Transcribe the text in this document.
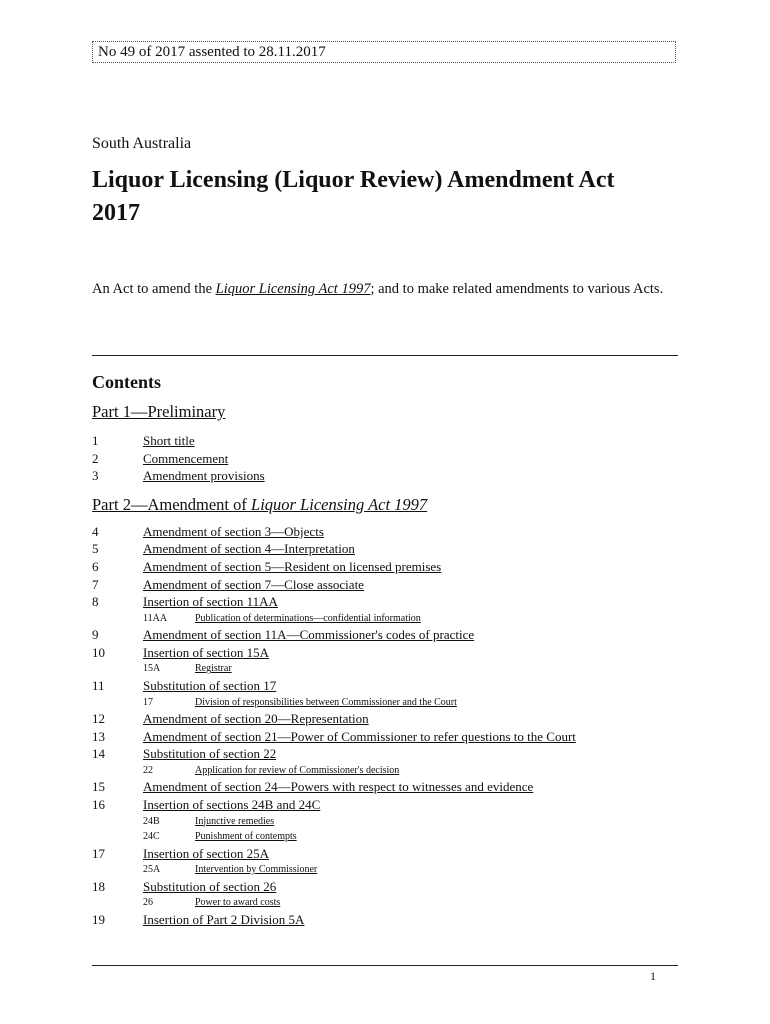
No 49 of 2017 assented to 28.11.2017
South Australia
Liquor Licensing (Liquor Review) Amendment Act 2017

An Act to amend the Liquor Licensing Act 1997; and to make related amendments to various Acts.

Contents
Part 1—Preliminary
1	Short title
2	Commencement
3	Amendment provisions
Part 2—Amendment of Liquor Licensing Act 1997
4	Amendment of section 3—Objects
5	Amendment of section 4—Interpretation
6	Amendment of section 5—Resident on licensed premises
7	Amendment of section 7—Close associate
8	Insertion of section 11AA
11AA	Publication of determinations—confidential information
9	Amendment of section 11A—Commissioner's codes of practice
10	Insertion of section 15A
15A	Registrar
11	Substitution of section 17
17	Division of responsibilities between Commissioner and the Court
12	Amendment of section 20—Representation
13	Amendment of section 21—Power of Commissioner to refer questions to the Court
14	Substitution of section 22
22	Application for review of Commissioner's decision
15	Amendment of section 24—Powers with respect to witnesses and evidence
16	Insertion of sections 24B and 24C
24B	Injunctive remedies
24C	Punishment of contempts
17	Insertion of section 25A
25A	Intervention by Commissioner
18	Substitution of section 26
26	Power to award costs
19	Insertion of Part 2 Division 5A
1
